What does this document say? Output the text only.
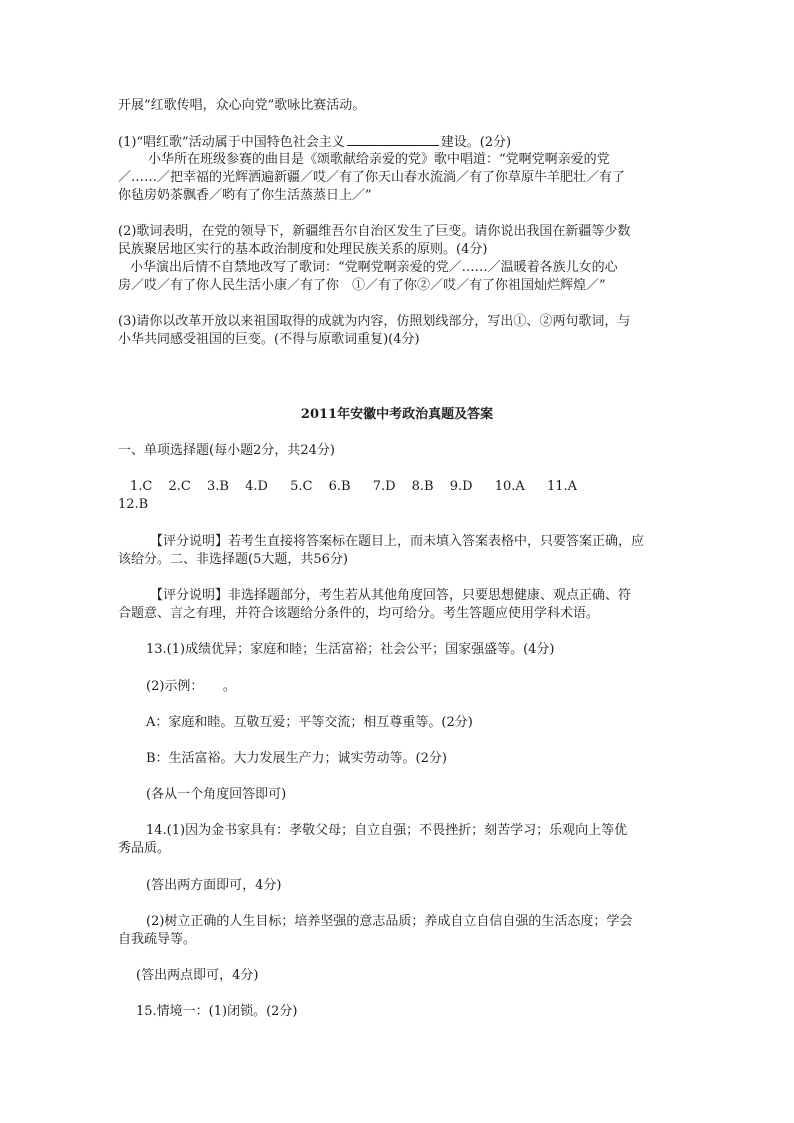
开展“红歌传唱，众心向党”歌咏比赛活动。
(1)“唱红歌”活动属于中国特色社会主义	建设。(2分)
小华所在班级参赛的曲目是《颂歌献给亲爱的党》歌中唱道：“党啊党啊亲爱的党
／……／把幸福的光辉洒遍新疆／哎／有了你天山春水流淌／有了你草原牛羊肥壮／有了
你毡房奶茶飘香／哟有了你生活蒸蒸日上／”
(2)歌词表明，在党的领导下，新疆维吾尔自治区发生了巨变。请你说出我国在新疆等少数
民族聚居地区实行的基本政治制度和处理民族关系的原则。(4分)
小华演出后情不自禁地改写了歌词：“党啊党啊亲爱的党／……／温暖着各族儿女的心
房／哎／有了你人民生活小康／有了你　①／有了你②／哎／有了你祖国灿烂辉煌／”
(3)请你以改革开放以来祖国取得的成就为内容，仿照划线部分，写出①、②两句歌词，与
小华共同感受祖国的巨变。(不得与原歌词重复)(4分)
2011年安徽中考政治真题及答案
一、单项选择题(每小题2分，共24分)
1.C 2.C 3.B 4.D 5.C 6.B 7.D 8.B 9.D 10.A 11.A
12.B
【评分说明】若考生直接将答案标在题目上，而未填入答案表格中，只要答案正确，应
该给分。二、非选择题(5大题，共56分)
【评分说明】非选择题部分，考生若从其他角度回答，只要思想健康、观点正确、符
合题意、言之有理，并符合该题给分条件的，均可给分。考生答题应使用学科术语。
13.(1)成绩优异；家庭和睦；生活富裕；社会公平；国家强盛等。(4分)
(2)示例：　　。
A：家庭和睦。互敬互爱；平等交流；相互尊重等。(2分)
B：生活富裕。大力发展生产力；诚实劳动等。(2分)
(各从一个角度回答即可)
14.(1)因为金书家具有：孝敬父母；自立自强；不畏挫折；刻苦学习；乐观向上等优
秀品质。
(答出两方面即可，4分)
(2)树立正确的人生目标；培养坚强的意志品质；养成自立自信自强的生活态度；学会
自我疏导等。
(答出两点即可，4分)
15.情境一：(1)闭锁。(2分)
